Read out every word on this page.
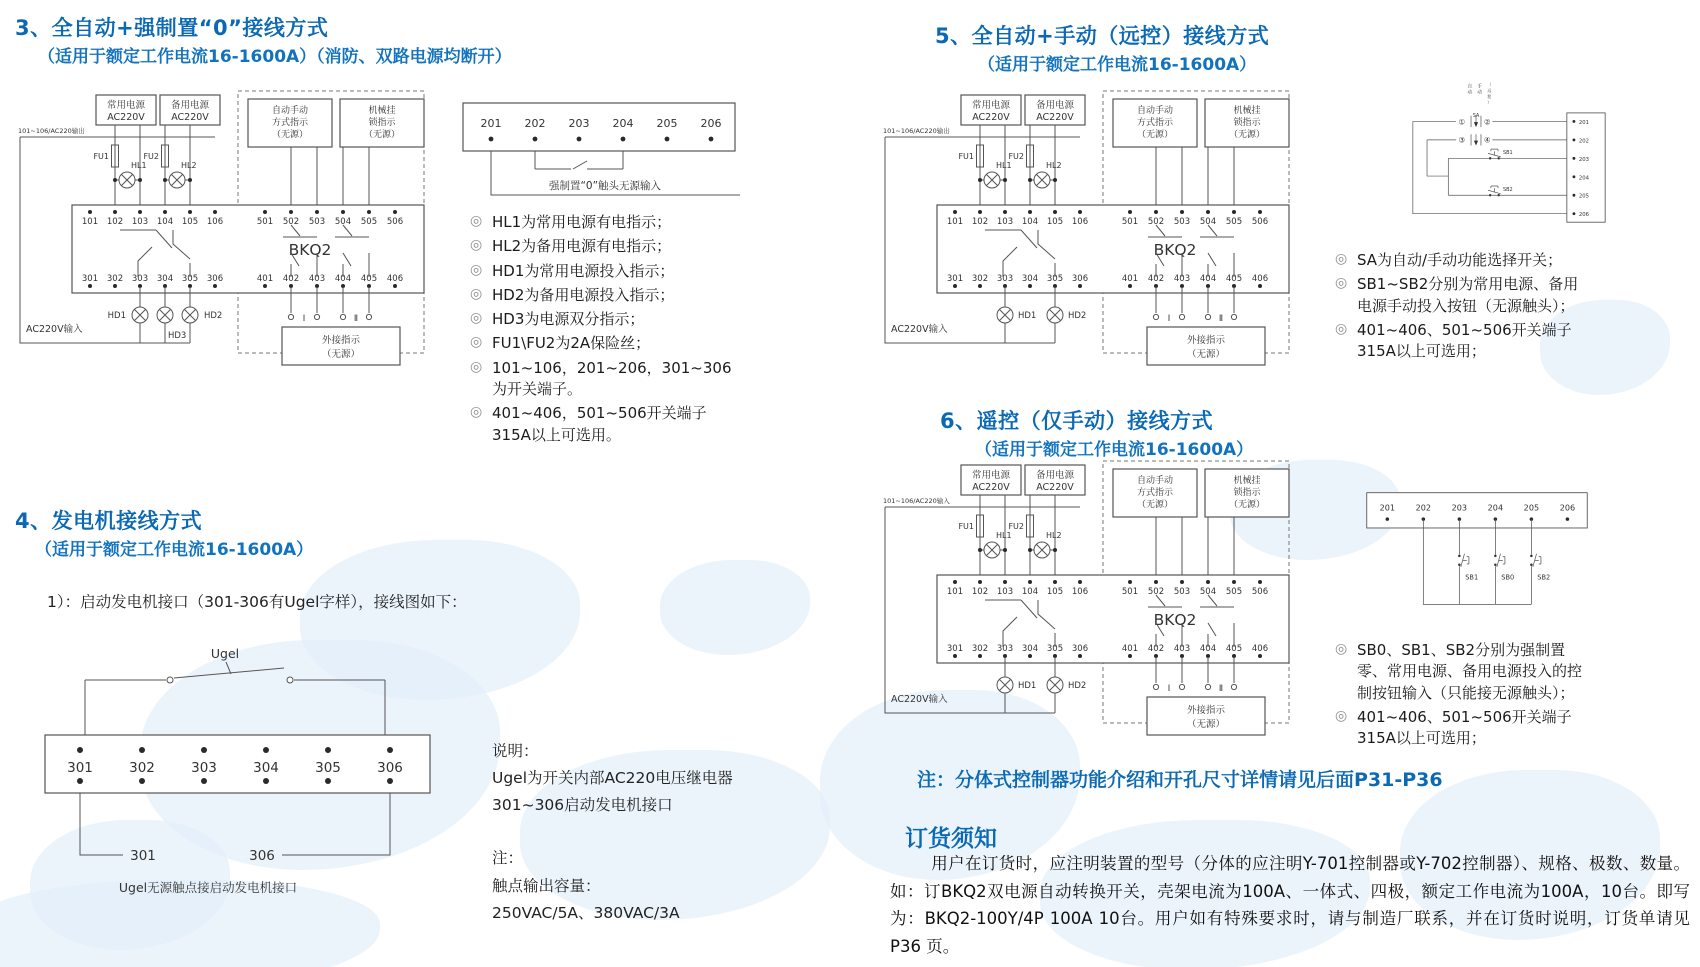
3、全自动+强制置“0”接线方式
（适用于额定工作电流16-1600A）（消防、双路电源均断开）
101~106/AC220输出
常用电源
AC220V
备用电源
AC220V
FU1	FU2
HL1	HL2
自动手动
方式指示
（无源）
机械挂
锁指示
（无源）
BKQ2
101 102 103 104 105 106	501 502 503 504 505 506
301 302 303 304 305 306	401 402 403 404 405 406
HD1
HD3
HD2
AC220V输入
Ⅰ	Ⅱ
外接指示
（无源）
201 202 203 204 205 206
强制置“0”触头无源输入
◎ HL1为常用电源有电指示；
◎ HL2为备用电源有电指示；
◎ HD1为常用电源投入指示；
◎ HD2为备用电源投入指示；
◎ HD3为电源双分指示；
◎ FU1\FU2为2A保险丝；
◎ 101~106，201~206，301~306为开关端子。
◎ 401~406，501~506开关端子315A以上可选用。
4、发电机接线方式
（适用于额定工作电流16-1600A）
1）：启动发电机接口（301-306有Ugel字样），接线图如下：
Ugel
301	302	303	304	305	306
301	306
Ugel无源触点接启动发电机接口
说明：
Ugel为开关内部AC220电压继电器
301~306启动发电机接口
注：
触点输出容量：
250VAC/5A、380VAC/3A
5、全自动+手动（远控）接线方式
（适用于额定工作电流16-1600A）
101~106/AC220输出
常用电源
AC220V
备用电源
AC220V
FU1	FU2
HL1	HL2
自动手动
方式指示
（无源）
机械挂
锁指示
（无源）
BKQ2
101 102 103 104 105 106	501 502 503 504 505 506
301 302 303 304 305 306	401 402 403 404 405 406
HD1	HD2
AC220V输入
Ⅰ	Ⅱ
外接指示
（无源）
自动
手动
（远程）
SA
① ②
③ ④
SB1
SB2
201
202
203
204
205
206
◎ SA为自动/手动功能选择开关；
◎ SB1~SB2分别为常用电源、备用电源手动投入按钮（无源触头）；
◎ 401~406、501~506开关端子315A以上可选用；
6、遥控（仅手动）接线方式
（适用于额定工作电流16-1600A）
101~106/AC220输入
常用电源
AC220V
备用电源
AC220V
FU1	FU2
HL1	HL2
自动手动
方式指示
（无源）
机械挂
锁指示
（无源）
BKQ2
101 102 103 104 105 106	501 502 503 504 505 506
301 302 303 304 305 306	401 402 403 404 405 406
HD1	HD2
AC220V输入
Ⅰ	Ⅱ
外接指示
（无源）
201 202 203 204 205 206
SB1	SB0	SB2
◎ SB0、SB1、SB2分别为强制置零、常用电源、备用电源投入的控制按钮输入（只能接无源触头）；
◎ 401~406、501~506开关端子315A以上可选用；
注：分体式控制器功能介绍和开孔尺寸详情请见后面P31-P36
订货须知

用户在订货时，应注明装置的型号（分体的应注明Y-701控制器或Y-702控制器）、规格、极数、数量。如：订BKQ2双电源自动转换开关，壳架电流为100A、一体式、四极，额定工作电流为100A，10台。即写为：BKQ2-100Y/4P 100A 10台。用户如有特殊要求时，请与制造厂联系，并在订货时说明，订货单请见 P36 页。
